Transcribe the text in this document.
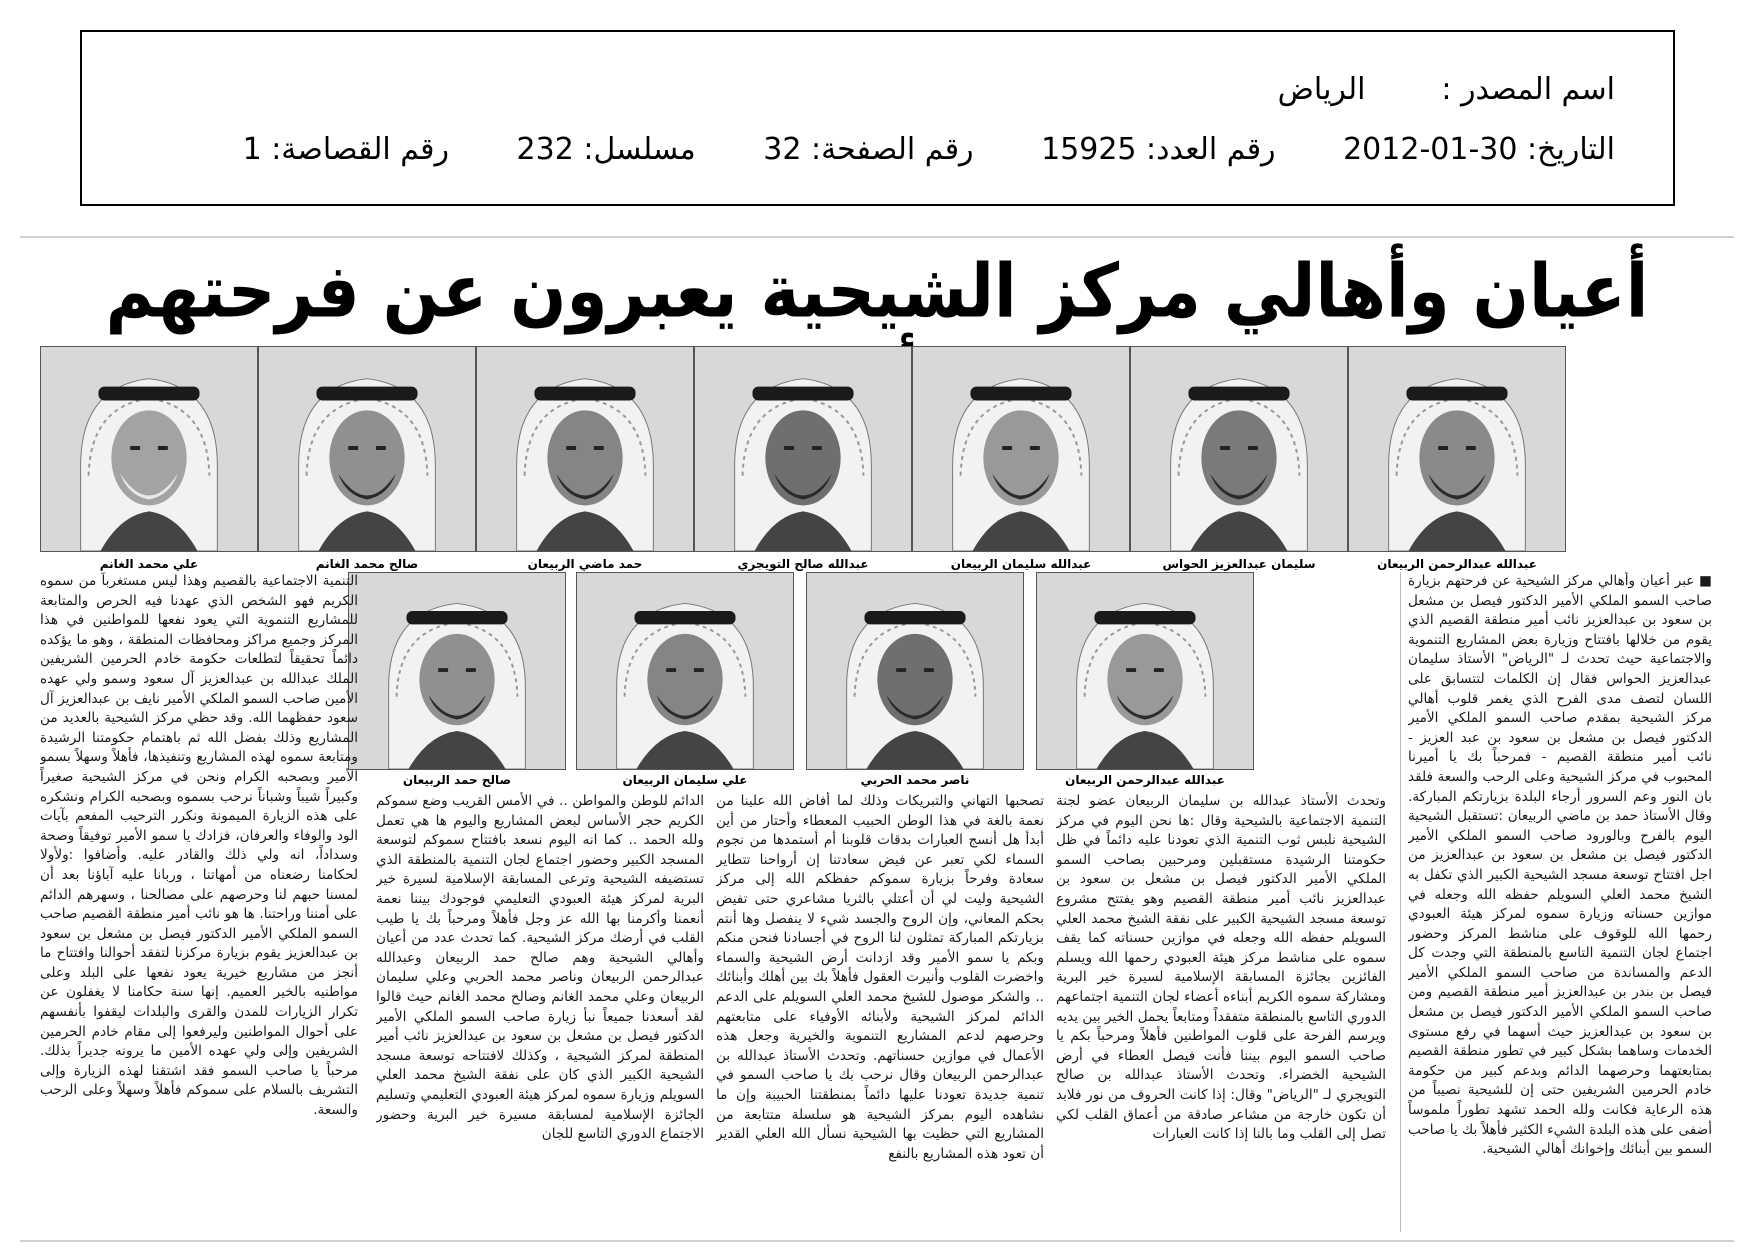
اسم المصدر : الرياض
التاريخ: 30-01-2012 رقم العدد: 15925 رقم الصفحة: 32 مسلسل: 232 رقم القصاصة: 1
أعيان وأهالي مركز الشيحية يعبرون عن فرحتهم
عبدالله عبدالرحمن الربيعان
سليمان عبدالعزيز الحواس
عبدالله سليمان الربيعان
عبدالله صالح التويجري
حمد ماضي الربيعان
صالح محمد الغانم
علي محمد الغانم
عبدالله عبدالرحمن الربيعان
ناصر محمد الحربي
علي سليمان الربيعان
صالح حمد الربيعان

■ عبر أعيان وأهالي مركز الشيحية عن فرحتهم بزيارة صاحب السمو الملكي الأمير الدكتور فيصل بن مشعل بن سعود بن عبدالعزيز نائب أمير منطقة القصيم الذي يقوم من خلالها بافتتاح وزيارة بعض المشاريع التنموية والاجتماعية حيث تحدث لـ "الرياض" الأستاذ سليمان عبدالعزيز الحواس فقال إن الكلمات لتتسابق على اللسان لتصف مدى الفرح الذي يغمر قلوب أهالي مركز الشيحية بمقدم صاحب السمو الملكي الأمير الدكتور فيصل بن مشعل بن سعود بن عبد العزيز - نائب أمير منطقة القصيم - فمرحباً بك يا أميرنا المحبوب في مركز الشيحية وعلى الرحب والسعة فلقد بان النور وعم السرور أرجاء البلدة بزيارتكم المباركة. وقال الأستاذ حمد بن ماضي الربيعان :تستقبل الشيحية اليوم بالفرح وبالورود صاحب السمو الملكي الأمير الدكتور فيصل بن مشعل بن سعود بن عبدالعزيز من اجل افتتاح توسعة مسجد الشيحية الكبير الذي تكفل به الشيخ محمد العلي السويلم حفظه الله وجعله في موازين حسناته وزيارة سموه لمركز هيئة العبودي رحمها الله للوقوف على مناشط المركز وحضور اجتماع لجان التنمية التاسع بالمنطقة التي وجدت كل الدعم والمساندة من صاحب السمو الملكي الأمير فيصل بن بندر بن عبدالعزيز أمير منطقة القصيم ومن صاحب السمو الملكي الأمير الدكتور فيصل بن مشعل بن سعود بن عبدالعزيز حيث أسهما في رفع مستوى الخدمات وساهما بشكل كبير في تطور منطقة القصيم بمتابعتهما وحرصهما الدائم وبدعم كبير من حكومة خادم الحرمين الشريفين حتى إن للشيحية نصيباً من هذه الرعاية فكانت ولله الحمد تشهد تطوراً ملموساً أضفى على هذه البلدة الشيء الكثير فأهلاً بك يا صاحب السمو بين أبنائك وإخوانك أهالي الشيحية.

وتحدث الأستاذ عبدالله بن سليمان الربيعان عضو لجنة التنمية الاجتماعية بالشيحية وقال :ها نحن اليوم في مركز الشيحية نلبس ثوب التنمية الذي تعودنا عليه دائماً في ظل حكومتنا الرشيدة مستقبلين ومرحبين بصاحب السمو الملكي الأمير الدكتور فيصل بن مشعل بن سعود بن عبدالعزيز نائب أمير منطقة القصيم وهو يفتتح مشروع توسعة مسجد الشيحية الكبير على نفقة الشيخ محمد العلي السويلم حفظه الله وجعله في موازين حسناته كما يقف سموه على مناشط مركز هيئة العبودي رحمها الله ويسلم الفائزين بجائزة المسابقة الإسلامية لسيرة خير البرية ومشاركة سموه الكريم أبناءه أعضاء لجان التنمية اجتماعهم الدوري التاسع بالمنطقة متفقداً ومتابعاً يحمل الخير بين يديه ويرسم الفرحة على قلوب المواطنين فأهلاً ومرحباً بكم يا صاحب السمو اليوم بيننا فأنت فيصل العطاء في أرض الشيحية الخضراء. وتحدث الأستاذ عبدالله بن صالح التويجري لـ "الرياض" وقال: إذا كانت الحروف من نور فلابد أن تكون خارجة من مشاعر صادقة من أعماق القلب لكي تصل إلى القلب وما بالنا إذا كانت العبارات

تصحبها التهاني والتبريكات وذلك لما أفاض الله علينا من نعمة بالغة في هذا الوطن الحبيب المعطاء وأحتار من أين أبدأ هل أنسج العبارات بدقات قلوبنا أم أستمدها من نجوم السماء لكي تعبر عن فيض سعادتنا إن أرواحنا تتطاير سعادة وفرحاً بزيارة سموكم حفظكم الله إلى مركز الشيحية وليت لي أن أعتلي بالثريا مشاعري حتى تفيض بحكم المعاني، وإن الروح والجسد شيء لا ينفصل وها أنتم بزيارتكم المباركة تمثلون لنا الروح في أجسادنا فنحن منكم وبكم يا سمو الأمير وقد ازدانت أرض الشيحية والسماء واخضرت القلوب وأنيرت العقول فأهلاً بك بين أهلك وأبنائك .. والشكر موصول للشيخ محمد العلي السويلم على الدعم الدائم لمركز الشيحية ولأبنائه الأوفياء على متابعتهم وحرصهم لدعم المشاريع التنموية والخيرية وجعل هذه الأعمال في موازين حسناتهم. وتحدث الأستاذ عبدالله بن عبدالرحمن الربيعان وقال نرحب بك يا صاحب السمو في تنمية جديدة تعودنا عليها دائماً بمنطقتنا الحبيبة وإن ما نشاهده اليوم بمركز الشيحية هو سلسلة متتابعة من المشاريع التي حظيت بها الشيحية نسأل الله العلي القدير أن تعود هذه المشاريع بالنفع

الدائم للوطن والمواطن .. في الأمس القريب وضع سموكم الكريم حجر الأساس لبعض المشاريع واليوم ها هي تعمل ولله الحمد .. كما انه اليوم نسعد بافتتاح سموكم لتوسعة المسجد الكبير وحضور اجتماع لجان التنمية بالمنطقة الذي تستضيفه الشيحية وترعى المسابقة الإسلامية لسيرة خير البرية لمركز هيئة العبودي التعليمي فوجودك بيننا نعمة أنعمنا وأكرمنا بها الله عز وجل فأهلاً ومرحباً بك يا طيب القلب في أرضك مركز الشيحية. كما تحدث عدد من أعيان وأهالي الشيحية وهم صالح حمد الربيعان وعبدالله عبدالرحمن الربيعان وناصر محمد الحربي وعلي سليمان الربيعان وعلي محمد الغانم وصالح محمد الغانم حيث قالوا لقد أسعدنا جميعاً نبأ زيارة صاحب السمو الملكي الأمير الدكتور فيصل بن مشعل بن سعود بن عبدالعزيز نائب أمير المنطقة لمركز الشيحية ، وكذلك لافتتاحه توسعة مسجد الشيحية الكبير الذي كان على نفقة الشيخ محمد العلي السويلم وزيارة سموه لمركز هيئة العبودي التعليمي وتسليم الجائزة الإسلامية لمسابقة مسيرة خير البرية وحضور الاجتماع الدوري التاسع للجان

التنمية الاجتماعية بالقصيم وهذا ليس مستغرباً من سموه الكريم فهو الشخص الذي عهدنا فيه الحرص والمتابعة للمشاريع التنموية التي يعود نفعها للمواطنين في هذا المركز وجميع مراكز ومحافظات المنطقة ، وهو ما يؤكده دائماً تحقيقاً لتطلعات حكومة خادم الحرمين الشريفين الملك عبدالله بن عبدالعزيز آل سعود وسمو ولي عهده الأمين صاحب السمو الملكي الأمير نايف بن عبدالعزيز آل سعود حفظهما الله. وقد حظي مركز الشيحية بالعديد من المشاريع وذلك بفضل الله ثم باهتمام حكومتنا الرشيدة ومتابعة سموه لهذه المشاريع وتنفيذها، فأهلاً وسهلاً بسمو الأمير وبصحبه الكرام ونحن في مركز الشيحية صغيراً وكبيراً شيباً وشباناً نرحب بسموه وبصحبه الكرام ونشكره على هذه الزيارة الميمونة ونكرر الترحيب المفعم بآيات الود والوفاء والعرفان، فزادك يا سمو الأمير توفيقاً وصحة وسداداً، انه ولي ذلك والقادر عليه. وأضافوا :ولأولا لحكامنا رضعناه من أمهاتنا ، وربانا عليه آباؤنا بعد أن لمسنا حبهم لنا وحرصهم على مصالحنا ، وسهرهم الدائم على أمننا وراحتنا. ها هو نائب أمير منطقة القصيم صاحب السمو الملكي الأمير الدكتور فيصل بن مشعل بن سعود بن عبدالعزيز يقوم بزيارة مركزنا لتفقد أحوالنا وافتتاح ما أنجز من مشاريع خيرية يعود نفعها على البلد وعلى مواطنيه بالخير العميم. إنها سنة حكامنا لا يغفلون عن تكرار الزيارات للمدن والقرى والبلدات ليقفوا بأنفسهم على أحوال المواطنين وليرفعوا إلى مقام خادم الحرمين الشريفين وإلى ولي عهده الأمين ما يرونه جديراً بذلك. مرحباً يا صاحب السمو فقد اشتقنا لهذه الزيارة وإلى التشريف بالسلام على سموكم فأهلاً وسهلاً وعلى الرحب والسعة.
